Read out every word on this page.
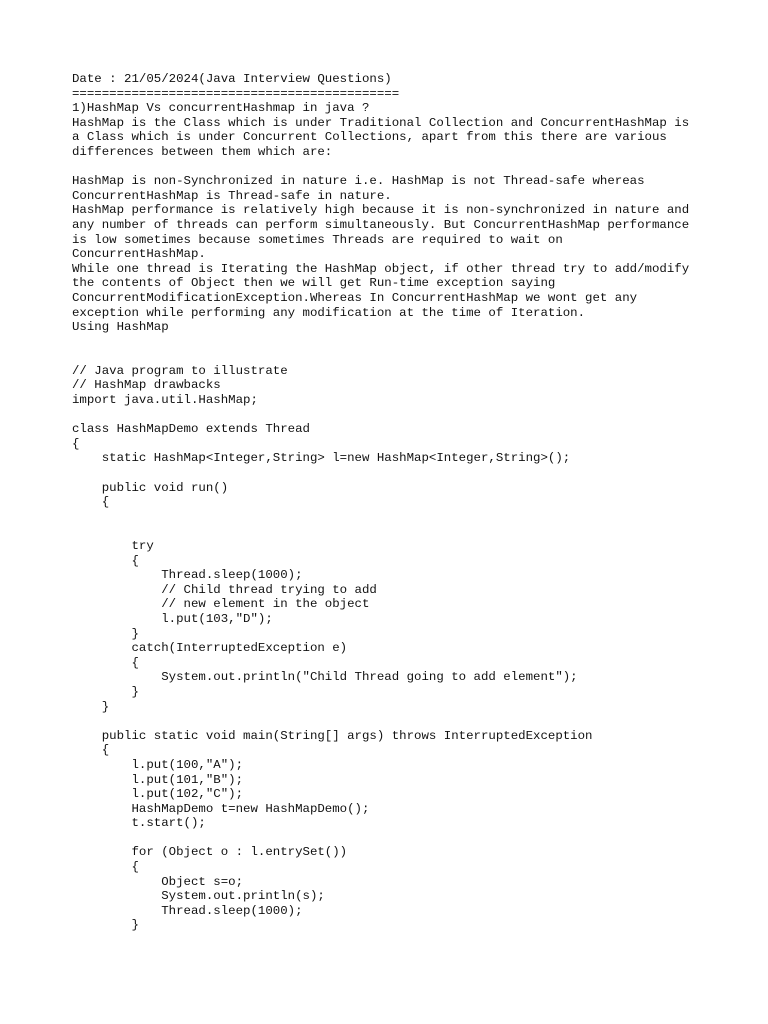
Date : 21/05/2024(Java Interview Questions)
============================================
1)HashMap Vs concurrentHashmap in java ?
HashMap is the Class which is under Traditional Collection and ConcurrentHashMap is
a Class which is under Concurrent Collections, apart from this there are various
differences between them which are:

HashMap is non-Synchronized in nature i.e. HashMap is not Thread-safe whereas
ConcurrentHashMap is Thread-safe in nature.
HashMap performance is relatively high because it is non-synchronized in nature and
any number of threads can perform simultaneously. But ConcurrentHashMap performance
is low sometimes because sometimes Threads are required to wait on
ConcurrentHashMap.
While one thread is Iterating the HashMap object, if other thread try to add/modify
the contents of Object then we will get Run-time exception saying
ConcurrentModificationException.Whereas In ConcurrentHashMap we wont get any
exception while performing any modification at the time of Iteration.
Using HashMap

// Java program to illustrate
// HashMap drawbacks
import java.util.HashMap;

class HashMapDemo extends Thread
{
static HashMap<Integer,String> l=new HashMap<Integer,String>();

public void run()
{

try
{
Thread.sleep(1000);
// Child thread trying to add
// new element in the object
l.put(103,"D");
}
catch(InterruptedException e)
{
System.out.println("Child Thread going to add element");
}
}

public static void main(String[] args) throws InterruptedException
{
l.put(100,"A");
l.put(101,"B");
l.put(102,"C");
HashMapDemo t=new HashMapDemo();
t.start();

for (Object o : l.entrySet())
{
Object s=o;
System.out.println(s);
Thread.sleep(1000);
}
